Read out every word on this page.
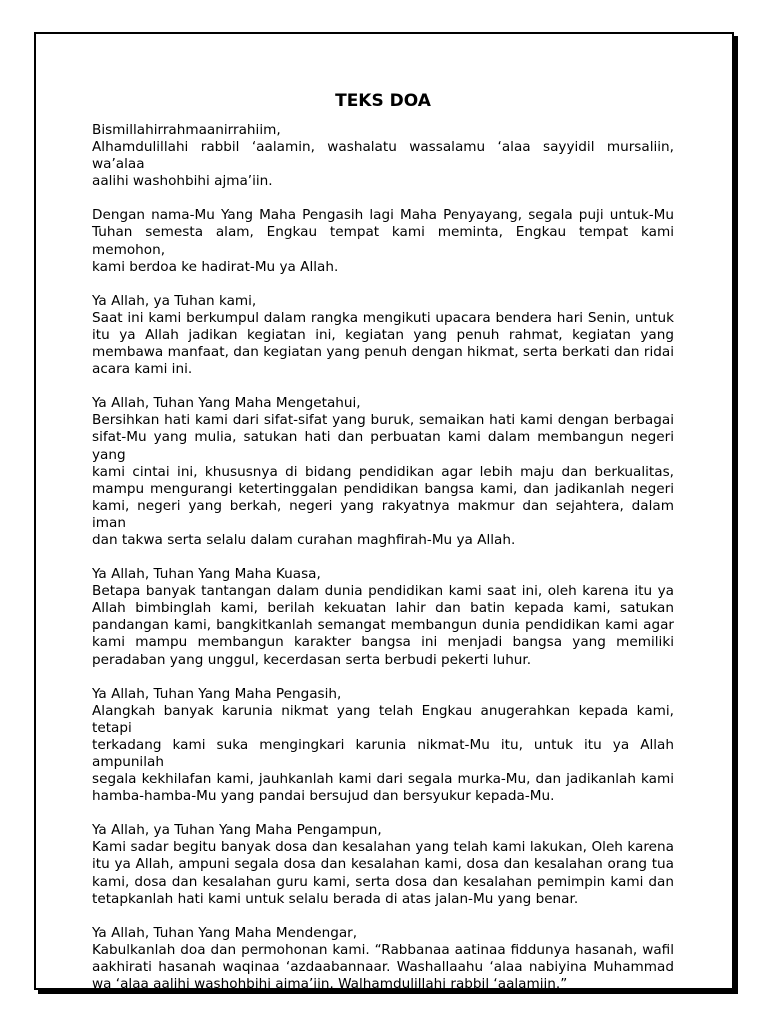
TEKS DOA
Bismillahirrahmaanirrahiim,
Alhamdulillahi rabbil ‘aalamin, washalatu wassalamu ‘alaa sayyidil mursaliin, wa’alaa
aalihi washohbihi ajma’iin.
Dengan nama-Mu Yang Maha Pengasih lagi Maha Penyayang, segala puji untuk-Mu
Tuhan semesta alam, Engkau tempat kami meminta, Engkau tempat kami memohon,
kami berdoa ke hadirat-Mu ya Allah.
Ya Allah, ya Tuhan kami,
Saat ini kami berkumpul dalam rangka mengikuti upacara bendera hari Senin, untuk
itu ya Allah jadikan kegiatan ini, kegiatan yang penuh rahmat, kegiatan yang
membawa manfaat, dan kegiatan yang penuh dengan hikmat, serta berkati dan ridai
acara kami ini.
Ya Allah, Tuhan Yang Maha Mengetahui,
Bersihkan hati kami dari sifat-sifat yang buruk, semaikan hati kami dengan berbagai
sifat-Mu yang mulia, satukan hati dan perbuatan kami dalam membangun negeri yang
kami cintai ini, khususnya di bidang pendidikan agar lebih maju dan berkualitas,
mampu mengurangi ketertinggalan pendidikan bangsa kami, dan jadikanlah negeri
kami, negeri yang berkah, negeri yang rakyatnya makmur dan sejahtera, dalam iman
dan takwa serta selalu dalam curahan maghfirah-Mu ya Allah.
Ya Allah, Tuhan Yang Maha Kuasa,
Betapa banyak tantangan dalam dunia pendidikan kami saat ini, oleh karena itu ya
Allah bimbinglah kami, berilah kekuatan lahir dan batin kepada kami, satukan
pandangan kami, bangkitkanlah semangat membangun dunia pendidikan kami agar
kami mampu membangun karakter bangsa ini menjadi bangsa yang memiliki
peradaban yang unggul, kecerdasan serta berbudi pekerti luhur.
Ya Allah, Tuhan Yang Maha Pengasih,
Alangkah banyak karunia nikmat yang telah Engkau anugerahkan kepada kami, tetapi
terkadang kami suka mengingkari karunia nikmat-Mu itu, untuk itu ya Allah ampunilah
segala kekhilafan kami, jauhkanlah kami dari segala murka-Mu, dan jadikanlah kami
hamba-hamba-Mu yang pandai bersujud dan bersyukur kepada-Mu.
Ya Allah, ya Tuhan Yang Maha Pengampun,
Kami sadar begitu banyak dosa dan kesalahan yang telah kami lakukan, Oleh karena
itu ya Allah, ampuni segala dosa dan kesalahan kami, dosa dan kesalahan orang tua
kami, dosa dan kesalahan guru kami, serta dosa dan kesalahan pemimpin kami dan
tetapkanlah hati kami untuk selalu berada di atas jalan-Mu yang benar.
Ya Allah, Tuhan Yang Maha Mendengar,
Kabulkanlah doa dan permohonan kami. “Rabbanaa aatinaa fiddunya hasanah, wafil
aakhirati hasanah waqinaa ‘azdaabannaar. Washallaahu ‘alaa nabiyina Muhammad
wa ‘alaa aalihi washohbihi ajma’iin. Walhamdulillahi rabbil ‘aalamiin.”
